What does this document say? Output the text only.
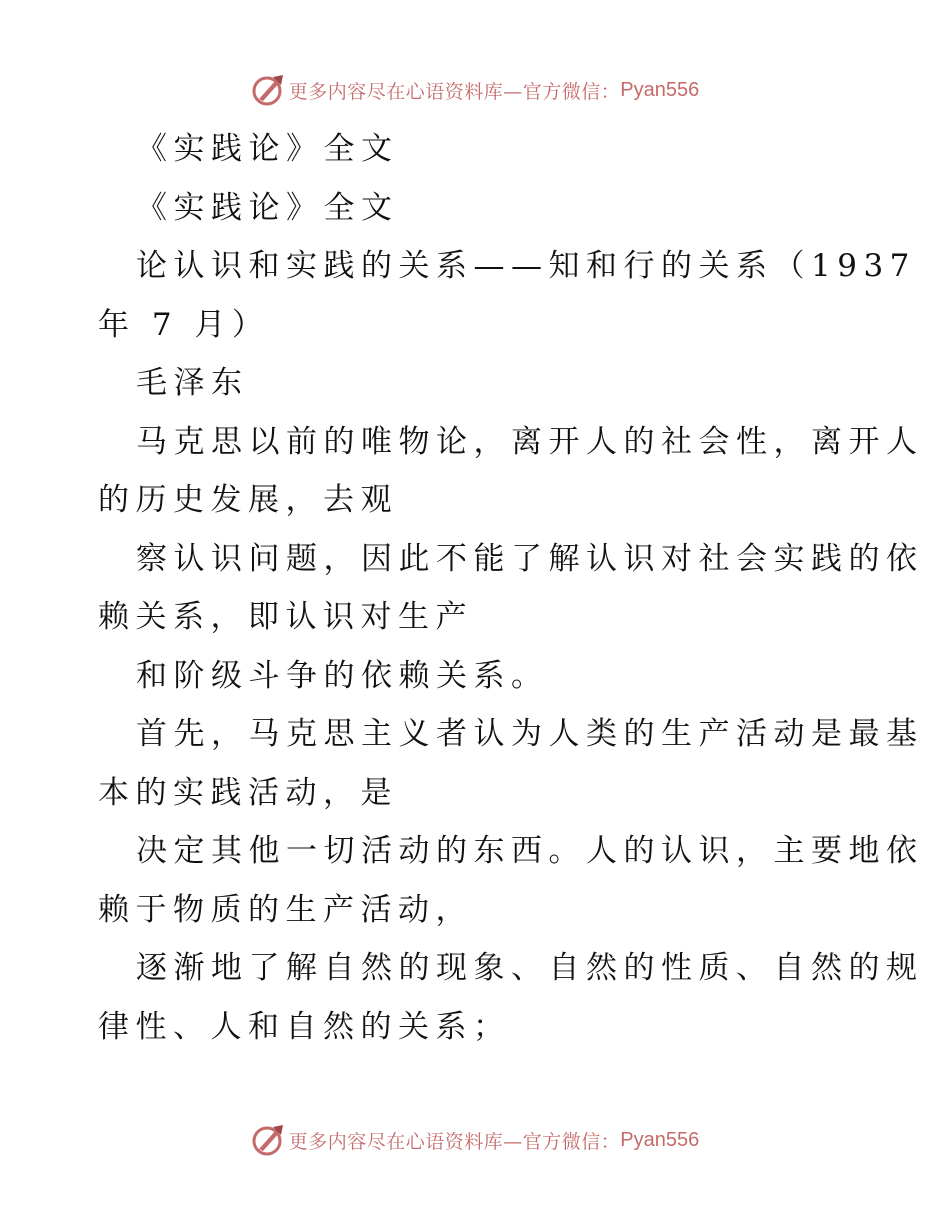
更多内容尽在心语资料库—官方微信： Pyan556
《实践论》全文
《实践论》全文
论认识和实践的关系——知和行的关系（1937
年 7 月）
毛泽东
马克思以前的唯物论，离开人的社会性，离开人
的历史发展，去观
察认识问题，因此不能了解认识对社会实践的依
赖关系，即认识对生产
和阶级斗争的依赖关系。
首先，马克思主义者认为人类的生产活动是最基
本的实践活动，是
决定其他一切活动的东西。人的认识，主要地依
赖于物质的生产活动，
逐渐地了解自然的现象、自然的性质、自然的规
律性、人和自然的关系；
更多内容尽在心语资料库—官方微信： Pyan556
